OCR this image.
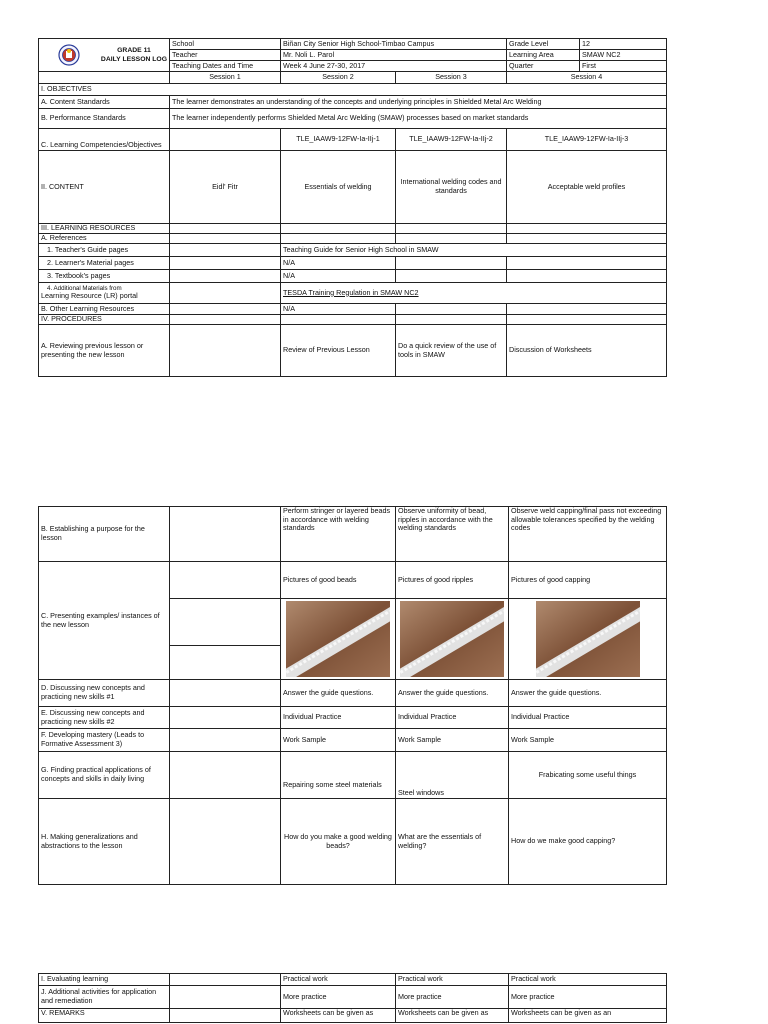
GRADE 11
DAILY LESSON LOG	School	Biñan City Senior High School-Timbao Campus		Grade Level	12
	Teacher	Mr. Noli L. Parol		Learning Area	SMAW NC2
	Teaching Dates and Time	Week 4 June 27-30, 2017		Quarter	First
	Session 1	Session 2	Session 3	Session 4	
I. OBJECTIVES					
A. Content Standards	The learner demonstrates an understanding of the concepts and underlying principles in Shielded Metal Arc Welding				
B. Performance Standards	The learner independently performs Shielded Metal Arc Welding (SMAW) processes based on market standards				
C. Learning Competencies/Objectives		TLE_IAAW9-12FW-Ia-IIj-1	TLE_IAAW9-12FW-Ia-IIj-2	TLE_IAAW9-12FW-Ia-IIj-3	
II. CONTENT	Eidl' Fitr	Essentials of welding	International welding codes and standards	Acceptable weld profiles	
III. LEARNING RESOURCES					
A. References					
1. Teacher's Guide pages		Teaching Guide for Senior High School in SMAW			
2. Learner's Material pages		N/A			
3. Textbook's pages		N/A			

4. Additional Materials from
Learning Resource (LR) portal		TESDA Training Regulation in SMAW NC2			
B. Other Learning Resources		N/A			
IV. PROCEDURES					
A. Reviewing previous lesson or presenting the new lesson		Review of Previous Lesson	Do a quick review of the use of tools in SMAW	Discussion of Worksheets	
B. Establishing a purpose for the lesson		Perform stringer or layered beads in accordance with welding standards	Observe uniformity of bead, ripples in accordance with the welding standards	Observe weld capping/final pass not exceeding allowable tolerances specified by the welding codes
C. Presenting examples/ instances of the new lesson		Pictures of good beads	Pictures of good ripples	Pictures of good capping

D. Discussing new concepts and practicing new skills #1		Answer the guide questions.	Answer the guide questions.	Answer the guide questions.
E. Discussing new concepts and practicing new skills #2		Individual Practice	Individual Practice	Individual Practice
F. Developing mastery (Leads to Formative Assessment 3)		Work Sample	Work Sample	Work Sample
G. Finding practical applications of concepts and skills in daily living		Repairing some steel materials	Steel windows	Frabicating some useful things
H. Making generalizations and abstractions to the lesson		How do you make a good welding beads?	What are the essentials of welding?	How do we make good capping?
I. Evaluating learning		Practical work	Practical work	Practical work
J. Additional activities for application and remediation		More practice	More practice	More practice
V. REMARKS		Worksheets can be given as	Worksheets can be given as	Worksheets can be given as an
